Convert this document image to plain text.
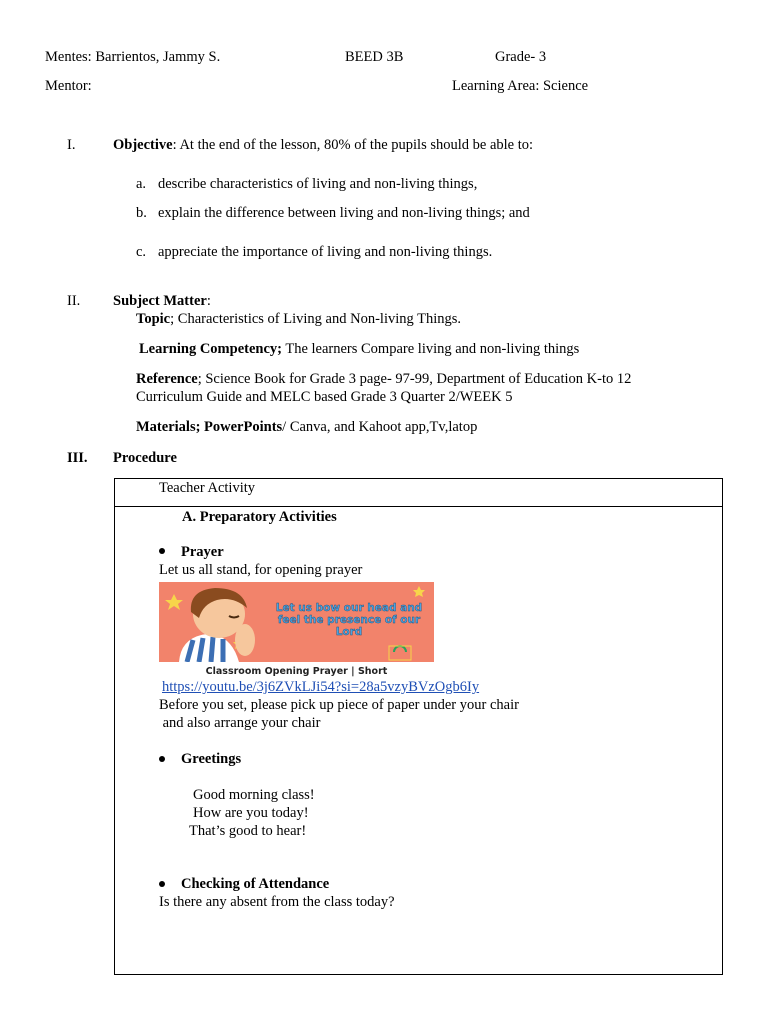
Mentes: Barrientos, Jammy S.	BEED 3B	Grade- 3
Mentor:	Learning Area: Science
I.	Objective: At the end of the lesson, 80% of the pupils should be able to:
a. describe characteristics of living and non-living things,
b. explain the difference between living and non-living things; and
c. appreciate the importance of living and non-living things.
II. Subject Matter:
Topic; Characteristics of Living and Non-living Things.
Learning Competency; The learners Compare living and non-living things
Reference; Science Book for Grade 3 page- 97-99, Department of Education K-to 12
Curriculum Guide and MELC based Grade 3 Quarter 2/WEEK 5
Materials; PowerPoints/ Canva, and Kahoot app,Tv,latop
III. Procedure
Teacher Activity
A. Preparatory Activities
Prayer
Let us all stand, for opening prayer
Let us bow our head and feel the presence of our Lord
Classroom Opening Prayer | Short
https://youtu.be/3j6ZVkLJi54?si=28a5vzyBVzOgb6Iy
Before you set, please pick up piece of paper under your chair
and also arrange your chair
Greetings
Good morning class!
How are you today!
That’s good to hear!
Checking of Attendance
Is there any absent from the class today?
